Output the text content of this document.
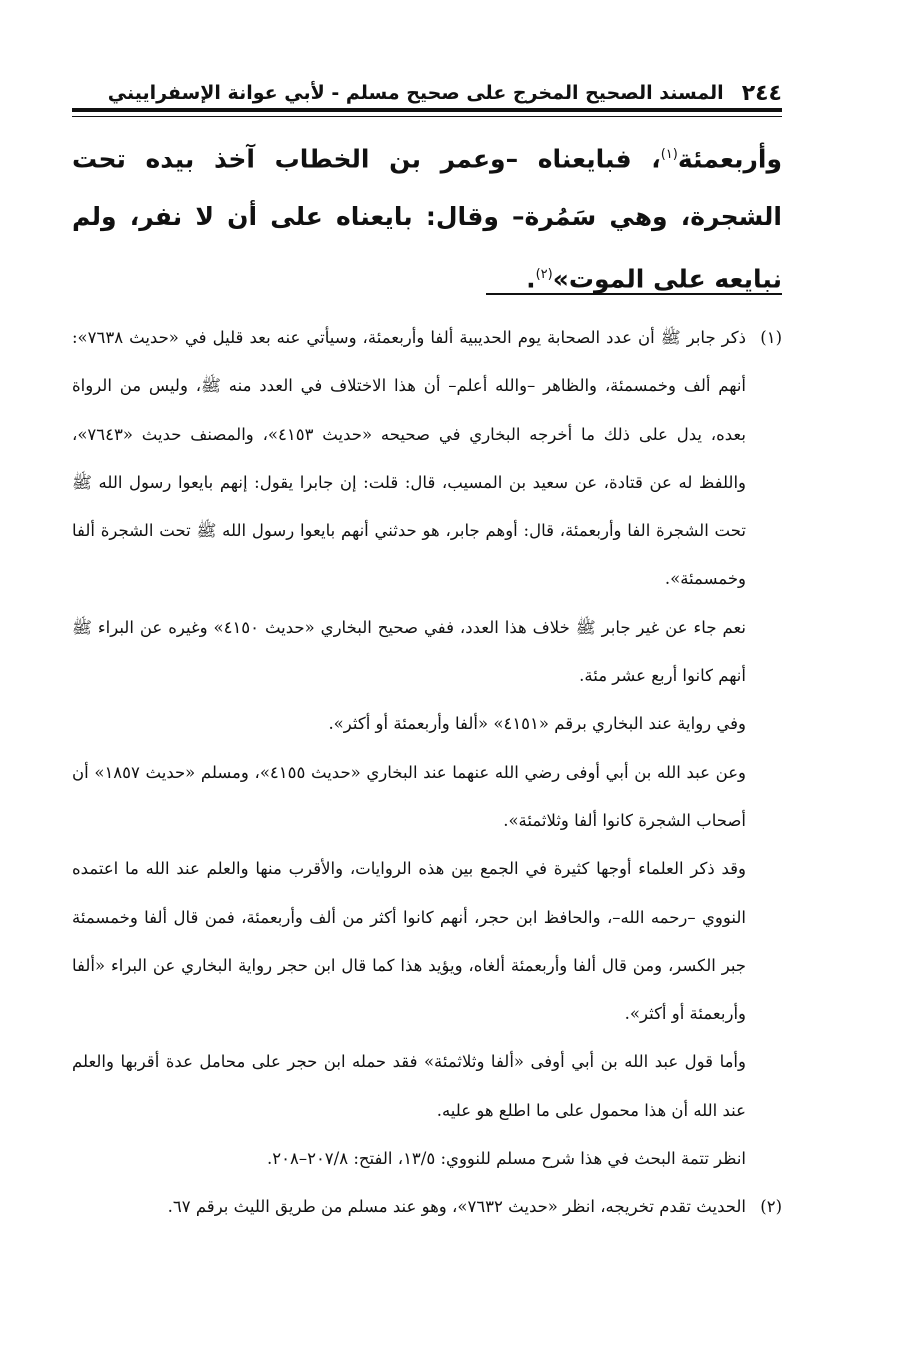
٢٤٤
المسند الصحيح المخرج على صحيح مسلم - لأبي عوانة الإسفراييني

وأربعمئة$^{(١)}$، فبايعناه –وعمر بن الخطاب آخذ بيده تحت الشجرة، وهي سَمُرة– وقال: بايعناه على أن لا نفر، ولم نبايعه على الموت»$^{(٢)}$.

(١)

ذكر جابر ﷺ أن عدد الصحابة يوم الحديبية ألفا وأربعمئة، وسيأتي عنه بعد قليل في «حديث ٧٦٣٨»: أنهم ألف وخمسمئة، والظاهر –والله أعلم– أن هذا الاختلاف في العدد منه ﷺ، وليس من الرواة بعده، يدل على ذلك ما أخرجه البخاري في صحيحه «حديث ٤١٥٣»، والمصنف حديث «٧٦٤٣»، واللفظ له عن قتادة، عن سعيد بن المسيب، قال: قلت: إن جابرا يقول: إنهم بايعوا رسول الله ﷺ تحت الشجرة الفا وأربعمئة، قال: أوهم جابر، هو حدثني أنهم بايعوا رسول الله ﷺ تحت الشجرة ألفا وخمسمئة».

نعم جاء عن غير جابر ﷺ خلاف هذا العدد، ففي صحيح البخاري «حديث ٤١٥٠» وغيره عن البراء ﷺ أنهم كانوا أربع عشر مئة.

وفي رواية عند البخاري برقم «٤١٥١» «ألفا وأربعمئة أو أكثر».

وعن عبد الله بن أبي أوفى رضي الله عنهما عند البخاري «حديث ٤١٥٥»، ومسلم «حديث ١٨٥٧» أن أصحاب الشجرة كانوا ألفا وثلاثمئة».

وقد ذكر العلماء أوجها كثيرة في الجمع بين هذه الروايات، والأقرب منها والعلم عند الله ما اعتمده النووي –رحمه الله–، والحافظ ابن حجر، أنهم كانوا أكثر من ألف وأربعمئة، فمن قال ألفا وخمسمئة جبر الكسر، ومن قال ألفا وأربعمئة ألغاه، ويؤيد هذا كما قال ابن حجر رواية البخاري عن البراء «ألفا وأربعمئة أو أكثر».

وأما قول عبد الله بن أبي أوفى «ألفا وثلاثمئة» فقد حمله ابن حجر على محامل عدة أقربها والعلم عند الله أن هذا محمول على ما اطلع هو عليه.

انظر تتمة البحث في هذا شرح مسلم للنووي: ١٣/٥، الفتح: ٢٠٧/٨–٢٠٨.

(٢)

الحديث تقدم تخريجه، انظر «حديث ٧٦٣٢»، وهو عند مسلم من طريق الليث برقم ٦٧.
